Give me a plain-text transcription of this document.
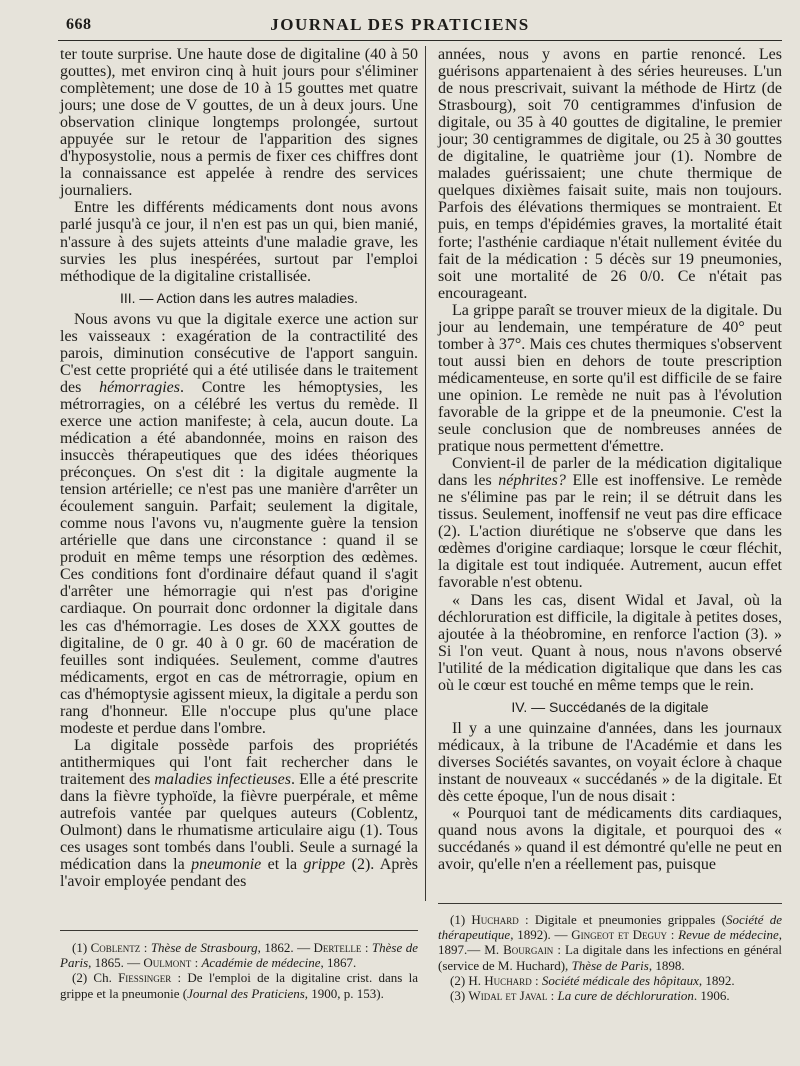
668	JOURNAL DES PRATICIENS

ter toute surprise. Une haute dose de digitaline (40 à 50 gouttes), met environ cinq à huit jours pour s'éliminer complètement; une dose de 10 à 15 gouttes met quatre jours; une dose de V gouttes, de un à deux jours. Une observation clinique longtemps prolongée, surtout appuyée sur le retour de l'apparition des signes d'hyposystolie, nous a permis de fixer ces chiffres dont la connaissance est appelée à rendre des services journaliers.

Entre les différents médicaments dont nous avons parlé jusqu'à ce jour, il n'en est pas un qui, bien manié, n'assure à des sujets atteints d'une maladie grave, les survies les plus inespérées, surtout par l'emploi méthodique de la digitaline cristallisée.

III. — Action dans les autres maladies.

Nous avons vu que la digitale exerce une action sur les vaisseaux : exagération de la contractilité des parois, diminution consécutive de l'apport sanguin. C'est cette propriété qui a été utilisée dans le traitement des hémorragies. Contre les hémoptysies, les métrorragies, on a célébré les vertus du remède. Il exerce une action manifeste; à cela, aucun doute. La médication a été abandonnée, moins en raison des insuccès thérapeutiques que des idées théoriques préconçues. On s'est dit : la digitale augmente la tension artérielle; ce n'est pas une manière d'arrêter un écoulement sanguin. Parfait; seulement la digitale, comme nous l'avons vu, n'augmente guère la tension artérielle que dans une circonstance : quand il se produit en même temps une résorption des œdèmes. Ces conditions font d'ordinaire défaut quand il s'agit d'arrêter une hémorragie qui n'est pas d'origine cardiaque. On pourrait donc ordonner la digitale dans les cas d'hémorragie. Les doses de XXX gouttes de digitaline, de 0 gr. 40 à 0 gr. 60 de macération de feuilles sont indiquées. Seulement, comme d'autres médicaments, ergot en cas de métrorragie, opium en cas d'hémoptysie agissent mieux, la digitale a perdu son rang d'honneur. Elle n'occupe plus qu'une place modeste et perdue dans l'ombre.

La digitale possède parfois des propriétés antithermiques qui l'ont fait rechercher dans le traitement des maladies infectieuses. Elle a été prescrite dans la fièvre typhoïde, la fièvre puerpérale, et même autrefois vantée par quelques auteurs (Coblentz, Oulmont) dans le rhumatisme articulaire aigu (1). Tous ces usages sont tombés dans l'oubli. Seule a surnagé la médication dans la pneumonie et la grippe (2). Après l'avoir employée pendant des

années, nous y avons en partie renoncé. Les guérisons appartenaient à des séries heureuses. L'un de nous prescrivait, suivant la méthode de Hirtz (de Strasbourg), soit 70 centigrammes d'infusion de digitale, ou 35 à 40 gouttes de digitaline, le premier jour; 30 centigrammes de digitale, ou 25 à 30 gouttes de digitaline, le quatrième jour (1). Nombre de malades guérissaient; une chute thermique de quelques dixièmes faisait suite, mais non toujours. Parfois des élévations thermiques se montraient. Et puis, en temps d'épidémies graves, la mortalité était forte; l'asthénie cardiaque n'était nullement évitée du fait de la médication : 5 décès sur 19 pneumonies, soit une mortalité de 26 0/0. Ce n'était pas encourageant.

La grippe paraît se trouver mieux de la digitale. Du jour au lendemain, une température de 40° peut tomber à 37°. Mais ces chutes thermiques s'observent tout aussi bien en dehors de toute prescription médicamenteuse, en sorte qu'il est difficile de se faire une opinion. Le remède ne nuit pas à l'évolution favorable de la grippe et de la pneumonie. C'est la seule conclusion que de nombreuses années de pratique nous permettent d'émettre.

Convient-il de parler de la médication digitalique dans les néphrites? Elle est inoffensive. Le remède ne s'élimine pas par le rein; il se détruit dans les tissus. Seulement, inoffensif ne veut pas dire efficace (2). L'action diurétique ne s'observe que dans les œdèmes d'origine cardiaque; lorsque le cœur fléchit, la digitale est tout indiquée. Autrement, aucun effet favorable n'est obtenu.

« Dans les cas, disent Widal et Javal, où la déchloruration est difficile, la digitale à petites doses, ajoutée à la théobromine, en renforce l'action (3). » Si l'on veut. Quant à nous, nous n'avons observé l'utilité de la médication digitalique que dans les cas où le cœur est touché en même temps que le rein.

IV. — Succédanés de la digitale

Il y a une quinzaine d'années, dans les journaux médicaux, à la tribune de l'Académie et dans les diverses Sociétés savantes, on voyait éclore à chaque instant de nouveaux « succédanés » de la digitale. Et dès cette époque, l'un de nous disait :

« Pourquoi tant de médicaments dits cardiaques, quand nous avons la digitale, et pourquoi des « succédanés » quand il est démontré qu'elle ne peut en avoir, qu'elle n'en a réellement pas, puisque

(1) Coblentz : Thèse de Strasbourg, 1862. — Dertelle : Thèse de Paris, 1865. — Oulmont : Académie de médecine, 1867.

(2) Ch. Fiessinger : De l'emploi de la digitaline crist. dans la grippe et la pneumonie (Journal des Praticiens, 1900, p. 153).

(1) Huchard : Digitale et pneumonies grippales (Société de thérapeutique, 1892). — Gingeot et Deguy : Revue de médecine, 1897.— M. Bourgain : La digitale dans les infections en général (service de M. Huchard), Thèse de Paris, 1898.

(2) H. Huchard : Société médicale des hôpitaux, 1892.

(3) Widal et Javal : La cure de déchloruration. 1906.
